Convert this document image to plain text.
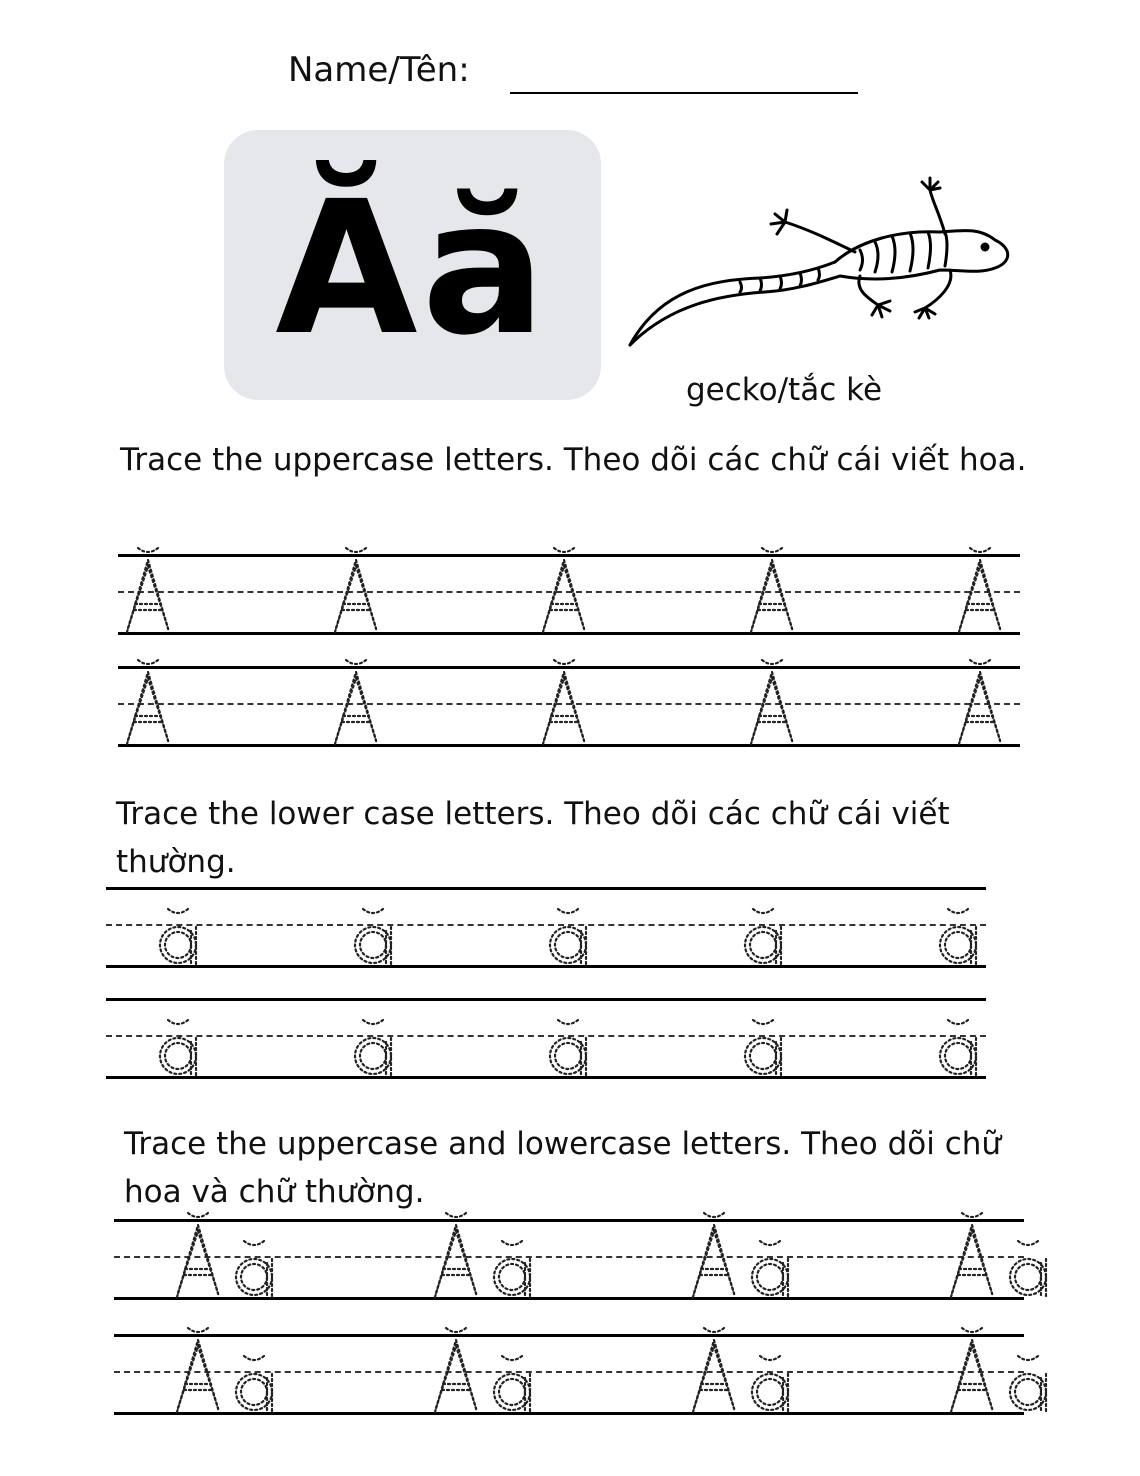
Name/Tên:
Ăă
gecko/tắc kè
Trace the uppercase letters. Theo dõi các chữ cái viết hoa.
Trace the lower case letters. Theo dõi các chữ cái viết thường.
Trace the uppercase and lowercase letters. Theo dõi chữ hoa và chữ thường.
